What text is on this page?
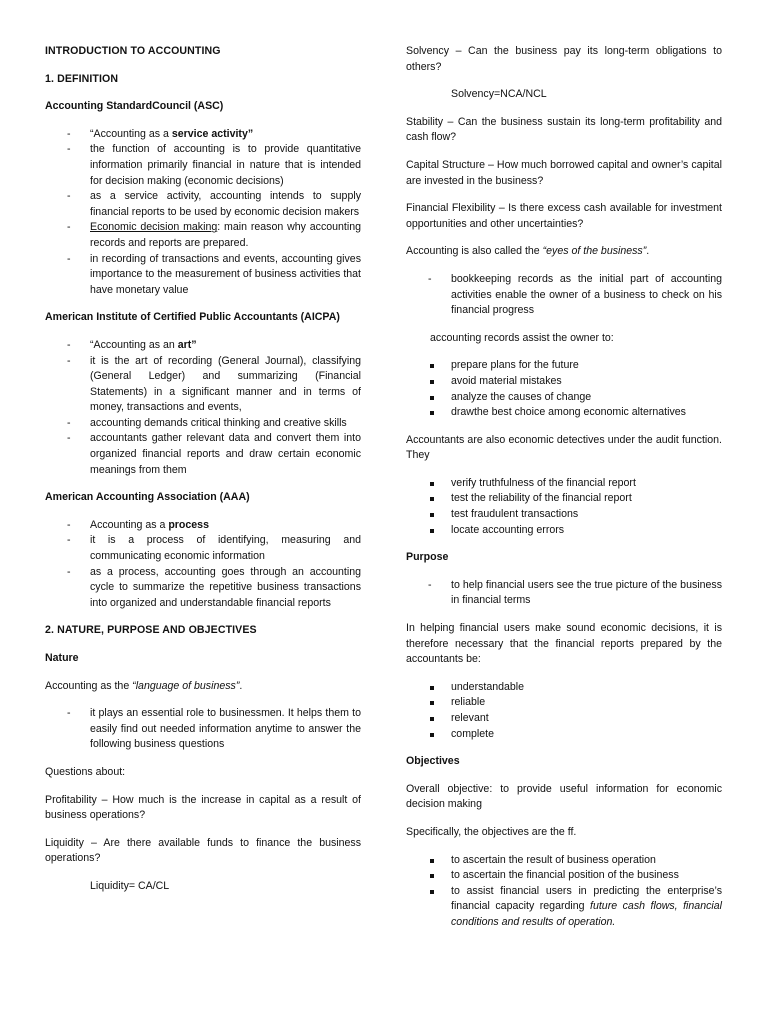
INTRODUCTION TO ACCOUNTING

1. DEFINITION

Accounting StandardCouncil (ASC)

- “Accounting as a service activity”
- the function of accounting is to provide quantitative information primarily financial in nature that is intended for decision making (economic decisions)
- as a service activity, accounting intends to supply financial reports to be used by economic decision makers
- Economic decision making: main reason why accounting records and reports are prepared.
- in recording of transactions and events, accounting gives importance to the measurement of business activities that have monetary value

American Institute of Certified Public Accountants (AICPA)

- “Accounting as an art”
- it is the art of recording (General Journal), classifying (General Ledger) and summarizing (Financial Statements) in a significant manner and in terms of money, transactions and events,
- accounting demands critical thinking and creative skills
- accountants gather relevant data and convert them into organized financial reports and draw certain economic meanings from them

American Accounting Association (AAA)

- Accounting as a process
- it is a process of identifying, measuring and communicating economic information
- as a process, accounting goes through an accounting cycle to summarize the repetitive business transactions into organized and understandable financial reports

2. NATURE, PURPOSE AND OBJECTIVES

Nature

Accounting as the “language of business”.

- it plays an essential role to businessmen. It helps them to easily find out needed information anytime to answer the following business questions

Questions about:

Profitability – How much is the increase in capital as a result of business operations?

Liquidity – Are there available funds to finance the business operations?

Liquidity= CA/CL

Solvency – Can the business pay its long-term obligations to others?

Solvency=NCA/NCL

Stability – Can the business sustain its long-term profitability and cash flow?

Capital Structure – How much borrowed capital and owner’s capital are invested in the business?

Financial Flexibility – Is there excess cash available for investment opportunities and other uncertainties?

Accounting is also called the “eyes of the business”.

- bookkeeping records as the initial part of accounting activities enable the owner of a business to check on his financial progress

accounting records assist the owner to:

prepare plans for the future
avoid material mistakes
analyze the causes of change
drawthe best choice among economic alternatives

Accountants are also economic detectives under the audit function. They

verify truthfulness of the financial report
test the reliability of the financial report
test fraudulent transactions
locate accounting errors

Purpose

- to help financial users see the true picture of the business in financial terms

In helping financial users make sound economic decisions, it is therefore necessary that the financial reports prepared by the accountants be:

understandable
reliable
relevant
complete

Objectives

Overall objective: to provide useful information for economic decision making

Specifically, the objectives are the ff.

to ascertain the result of business operation
to ascertain the financial position of the business
to assist financial users in predicting the enterprise’s financial capacity regarding future cash flows, financial conditions and results of operation.
